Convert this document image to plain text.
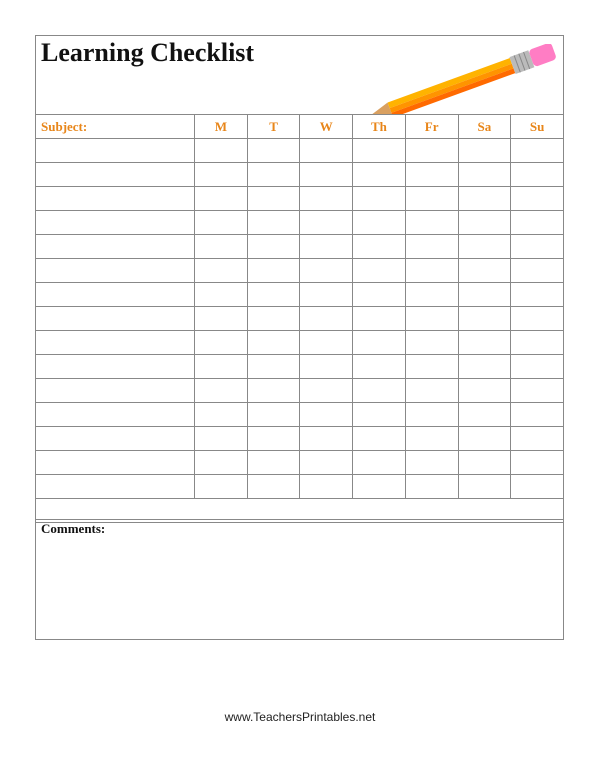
Learning Checklist
Subject:	M	T	W	Th	Fr	Sa	Su

Comments:
www.TeachersPrintables.net
